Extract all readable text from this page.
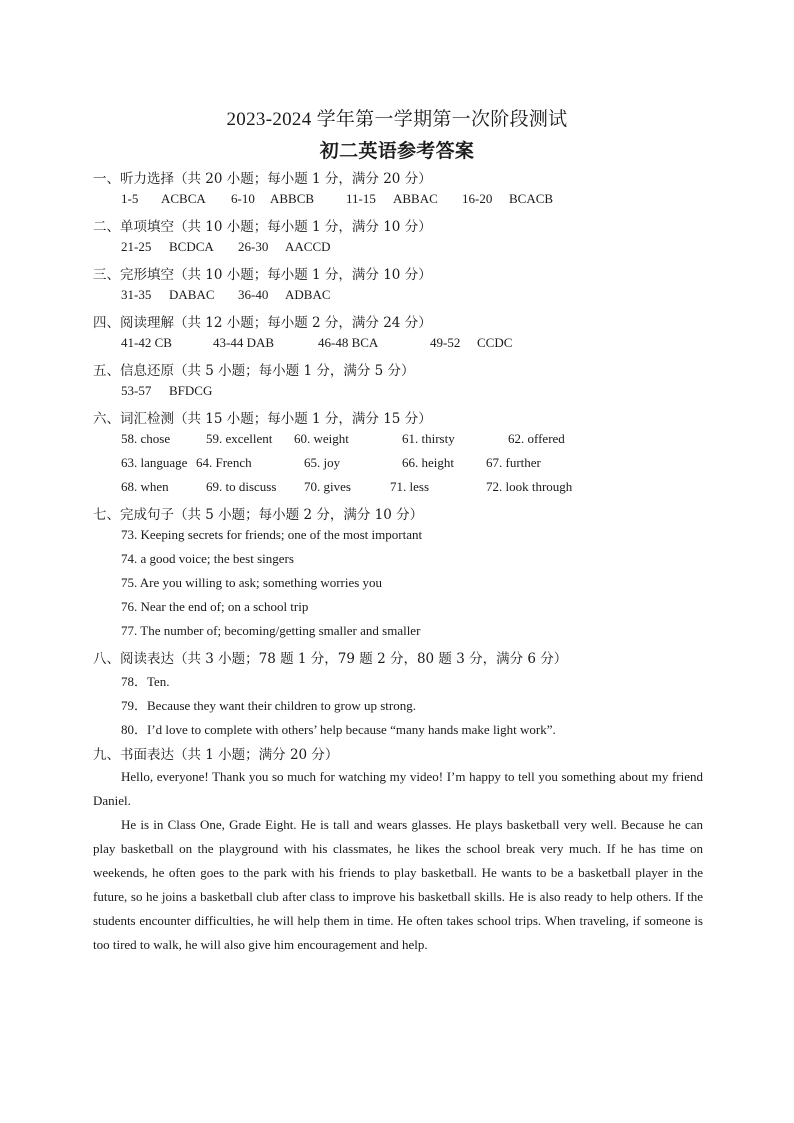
2023-2024 学年第一学期第一次阶段测试
初二英语参考答案
一、听力选择（共 20 小题；每小题 1 分，满分 20 分）
1-5 ACBCA 6-10 ABBCB 11-15 ABBAC 16-20 BCACB
二、单项填空（共 10 小题；每小题 1 分，满分 10 分）
21-25 BCDCA 26-30 AACCD
三、完形填空（共 10 小题；每小题 1 分，满分 10 分）
31-35 DABAC 36-40 ADBAC
四、阅读理解（共 12 小题；每小题 2 分，满分 24 分）
41-42 CB	43-44 DAB	46-48 BCA	49-52 CCDC
五、信息还原（共 5 小题；每小题 1 分，满分 5 分）
53-57 BFDCG
六、词汇检测（共 15 小题；每小题 1 分，满分 15 分）
58. chose	59. excellent 60. weight	61. thirsty	62. offered
63. language 64. French	65. joy	66. height 67. further
68. when	69. to discuss 70. gives	71. less	72. look through
七、完成句子（共 5 小题；每小题 2 分，满分 10 分）
73. Keeping secrets for friends; one of the most important
74. a good voice; the best singers
75. Are you willing to ask; something worries you
76. Near the end of; on a school trip
77. The number of; becoming/getting smaller and smaller
八、阅读表达（共 3 小题；78 题 1 分，79 题 2 分，80 题 3 分，满分 6 分）
78．Ten.
79．Because they want their children to grow up strong.
80．I’d love to complete with others’ help because “many hands make light work”.
九、书面表达（共 1 小题；满分 20 分）

Hello, everyone! Thank you so much for watching my video! I’m happy to tell you something about my friend Daniel.

He is in Class One, Grade Eight. He is tall and wears glasses. He plays basketball very well. Because he can play basketball on the playground with his classmates, he likes the school break very much. If he has time on weekends, he often goes to the park with his friends to play basketball. He wants to be a basketball player in the future, so he joins a basketball club after class to improve his basketball skills. He is also ready to help others. If the students encounter difficulties, he will help them in time. He often takes school trips. When traveling, if someone is too tired to walk, he will also give him encouragement and help.
